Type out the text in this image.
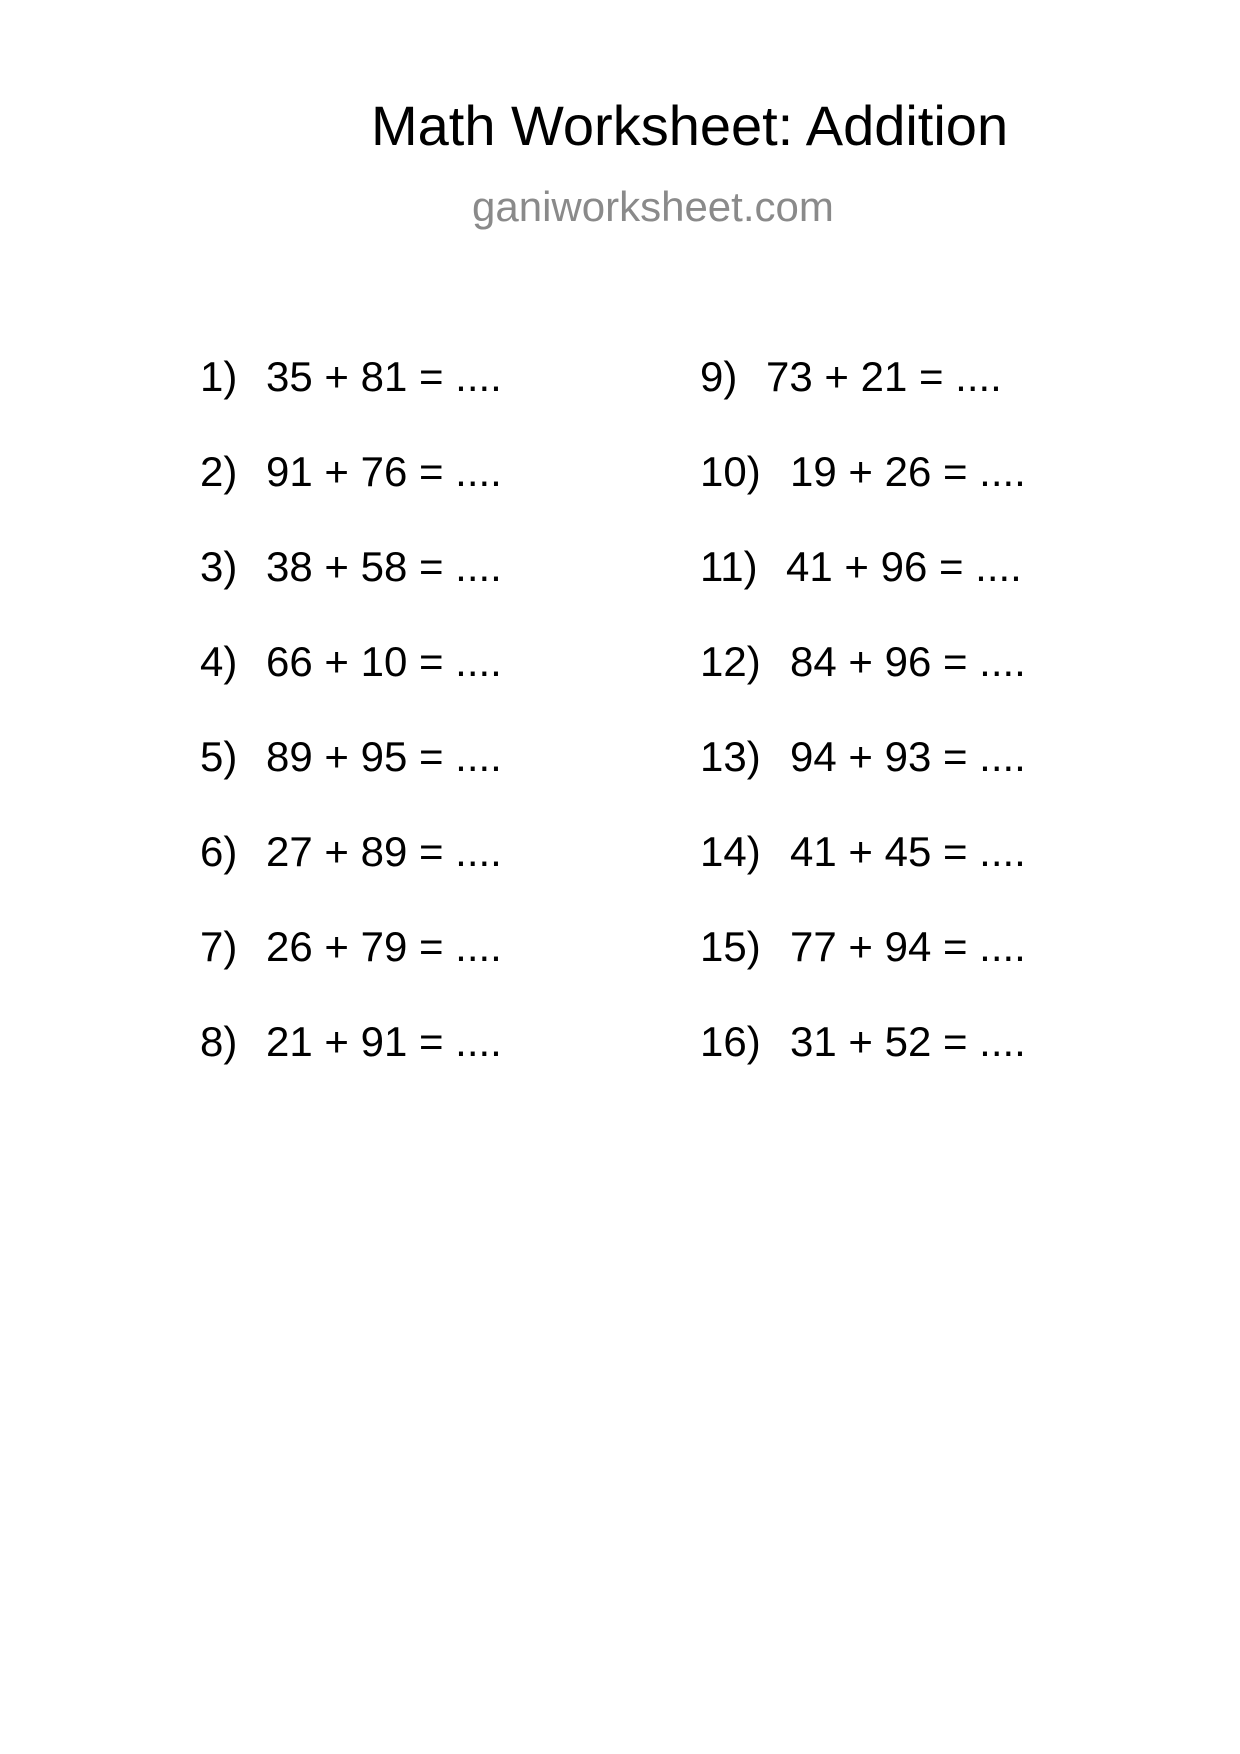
Math Worksheet: Addition
ganiworksheet.com
1) 35 + 81 = ....
2) 91 + 76 = ....
3) 38 + 58 = ....
4) 66 + 10 = ....
5) 89 + 95 = ....
6) 27 + 89 = ....
7) 26 + 79 = ....
8) 21 + 91 = ....
9) 73 + 21 = ....
10) 19 + 26 = ....
11) 41 + 96 = ....
12) 84 + 96 = ....
13) 94 + 93 = ....
14) 41 + 45 = ....
15) 77 + 94 = ....
16) 31 + 52 = ....
